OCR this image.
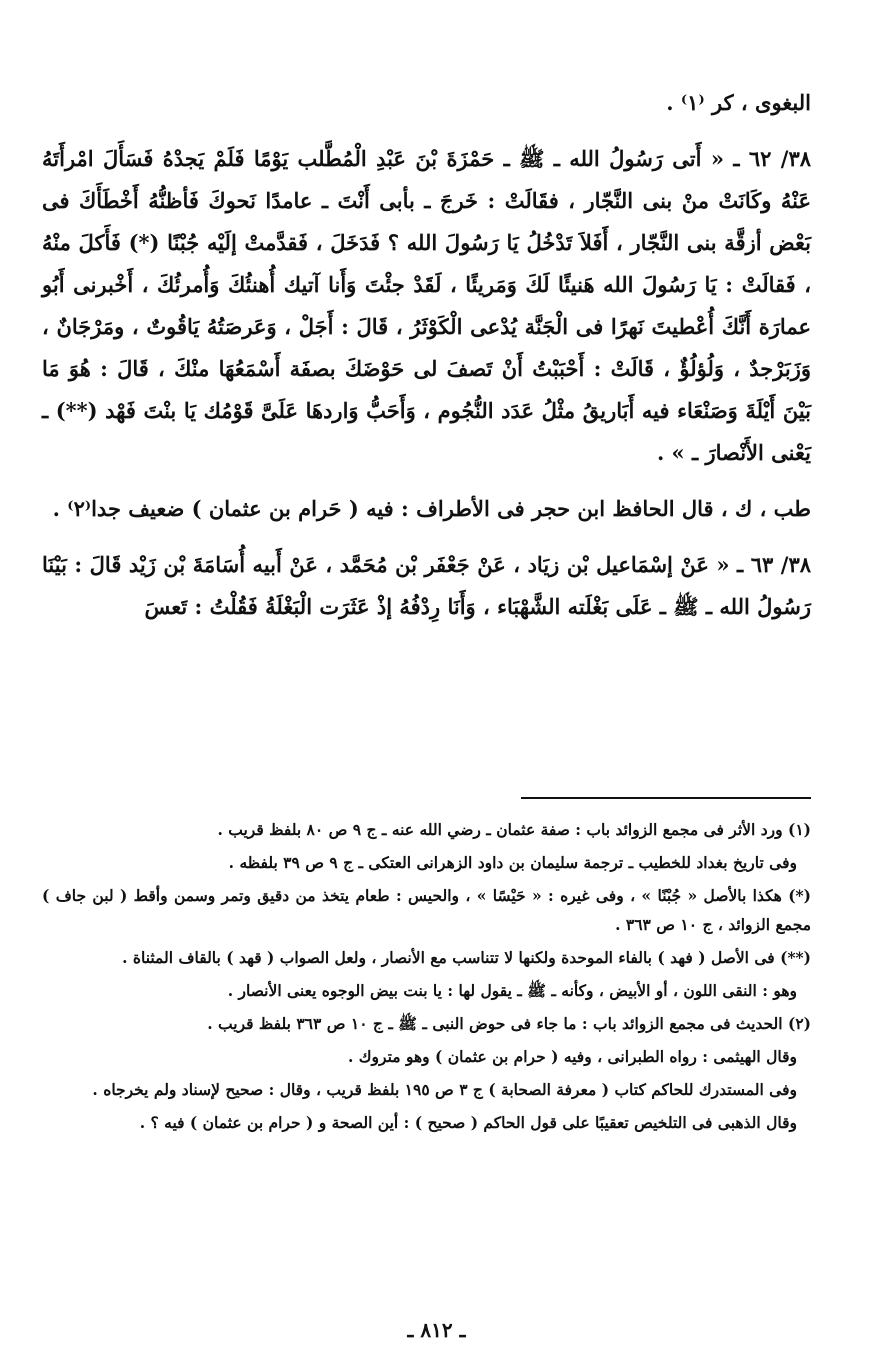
البغوى ، كر ⁽١⁾ .

٣٨/ ٦٢ ـ « أَتى رَسُولُ الله ـ ﷺ ـ حَمْزَةَ بْنَ عَبْدِ الْمُطَّلب يَوْمًا فَلَمْ يَجدْهُ فَسَأَلَ امْرأَتَهُ عَنْهُ وكَانَتْ منْ بنى النَّجّار ، فقَالَتْ : خَرجَ ـ بأبى أَنْتَ ـ عامدًا نَحوكَ فَأظنُّهُ أَخْطَأَكَ فى بَعْض أزقَّة بنى النَّجّار ، أَفَلاَ تَدْخُلُ يَا رَسُولَ الله ؟ فَدَخَلَ ، فَقدَّمتْ إلَيْه جُبْنًا (*) فَأَكلَ منْهُ ، فَقالَتْ : يَا رَسُولَ الله هَنيئًا لَكَ وَمَريئًا ، لَقَدْ جئْتَ وَأَنا آتيك أُهنئُكَ وَأُمرئُكَ ، أَخْبرنى أَبُو عمارَة أَنَّكَ أُعْطيتَ نَهرًا فى الْجَنَّة يُدْعى الْكَوْثَرُ ، قَالَ : أَجَلْ ، وَعَرصَتُهُ يَاقُوتٌ ، ومَرْجَانٌ ، وَزَبَرْجدٌ ، وَلُؤلُؤٌ ، قَالَتْ : أَحْبَبْتُ أَنْ تَصفَ لى حَوْضَكَ بصفَة أَسْمَعُهَا منْكَ ، قَالَ : هُوَ مَا بَيْنَ أَيْلَةَ وَصَنْعَاء فيه أَبَاريقُ مثْلُ عَدَد النُّجُوم ، وَأَحَبُّ وَاردهَا عَلَىَّ قَوْمُك يَا بنْتَ فَهْد (**) ـ يَعْنى الأَنْصارَ ـ » .

طب ، ك ، قال الحافظ ابن حجر فى الأطراف : فيه ( حَرام بن عثمان ) ضعيف جدا⁽٢⁾ .

٣٨/ ٦٣ ـ « عَنْ إسْمَاعيل بْن زيَاد ، عَنْ جَعْفَر بْن مُحَمَّد ، عَنْ أَبيه أُسَامَةَ بْن زَيْد قَالَ : بَيْنَا رَسُولُ الله ـ ﷺ ـ عَلَى بَغْلَته الشَّهْبَاء ، وَأَنَا رِدْفُهُ إذْ عَثَرَت الْبَغْلَةُ فَقُلْتُ : تَعسَ

(١) ورد الأثر فى مجمع الزوائد باب : صفة عثمان ـ رضي الله عنه ـ ج ٩ ص ٨٠ بلفظ قريب .

وفى تاريخ بغداد للخطيب ـ ترجمة سليمان بن داود الزهرانى العتكى ـ ج ٩ ص ٣٩ بلفظه .

(*) هكذا بالأصل « جُبْنًا » ، وفى غيره : « حَيْسًا » ، والحيس : طعام يتخذ من دقيق وتمر وسمن وأقط ( لبن جاف ) مجمع الزوائد ، ج ١٠ ص ٣٦٣ .

(**) فى الأصل ( فهد ) بالفاء الموحدة ولكنها لا تتناسب مع الأنصار ، ولعل الصواب ( قهد ) بالقاف المثناة .

وهو : النقى اللون ، أو الأبيض ، وكأنه ـ ﷺ ـ يقول لها : يا بنت بيض الوجوه يعنى الأنصار .

(٢) الحديث فى مجمع الزوائد باب : ما جاء فى حوض النبى ـ ﷺ ـ ج ١٠ ص ٣٦٣ بلفظ قريب .

وقال الهيثمى : رواه الطبرانى ، وفيه ( حرام بن عثمان ) وهو متروك .

وفى المستدرك للحاكم كتاب ( معرفة الصحابة ) ج ٣ ص ١٩٥ بلفظ قريب ، وقال : صحيح لإسناد ولم يخرجاه .

وقال الذهبى فى التلخيص تعقيبًا على قول الحاكم ( صحيح ) : أين الصحة و ( حرام بن عثمان ) فيه ؟ .

ـ ٨١٢ ـ
